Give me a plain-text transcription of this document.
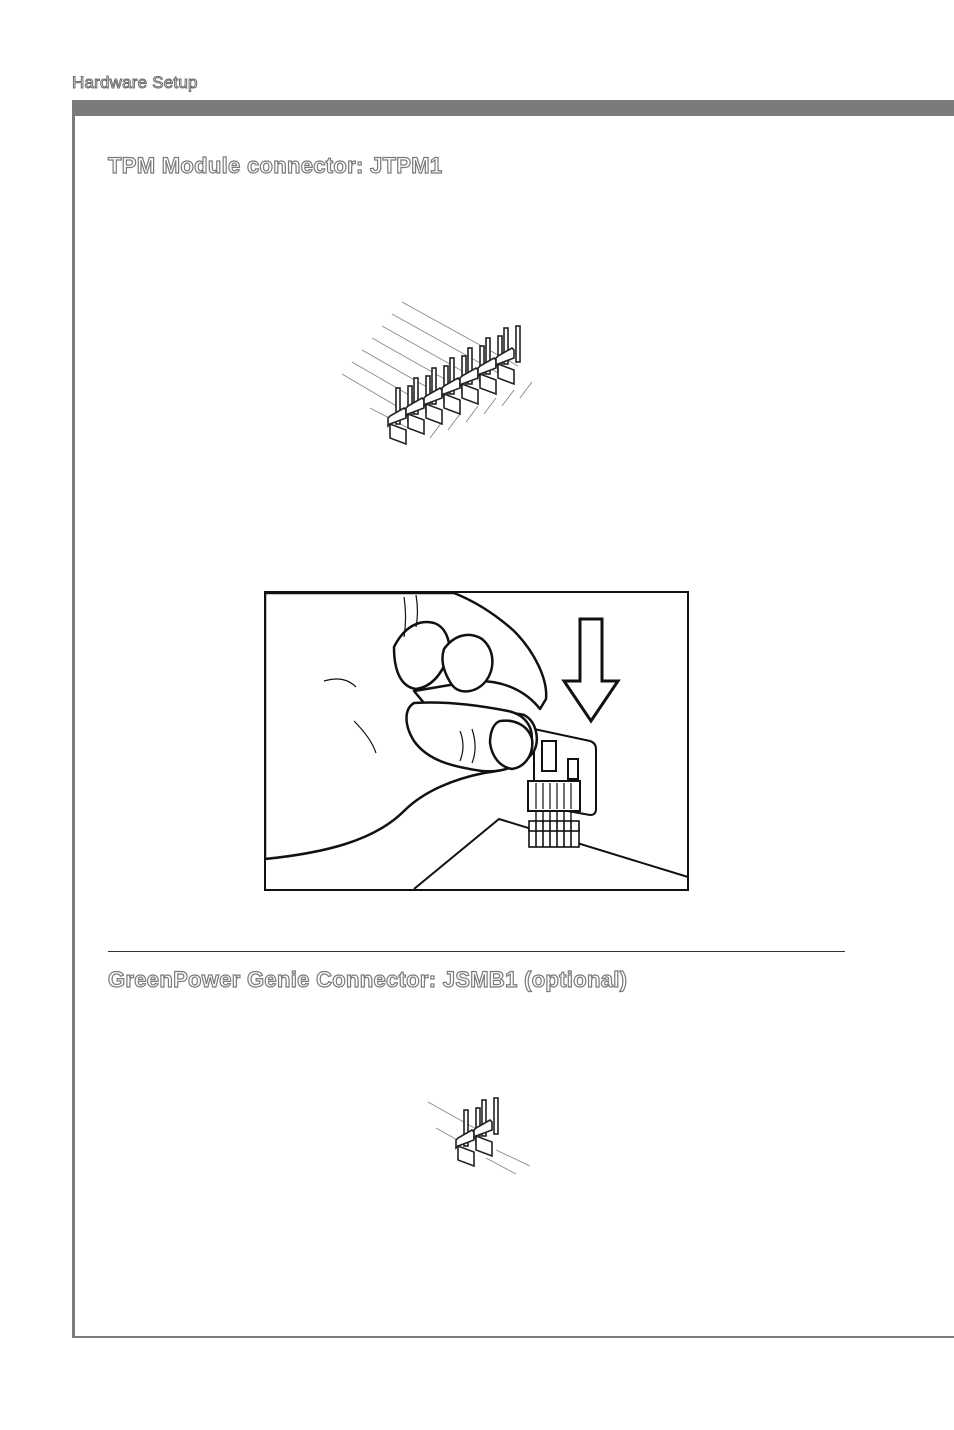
Hardware Setup
TPM Module connector: JTPM1
GreenPower Genie Connector: JSMB1 (optional)
